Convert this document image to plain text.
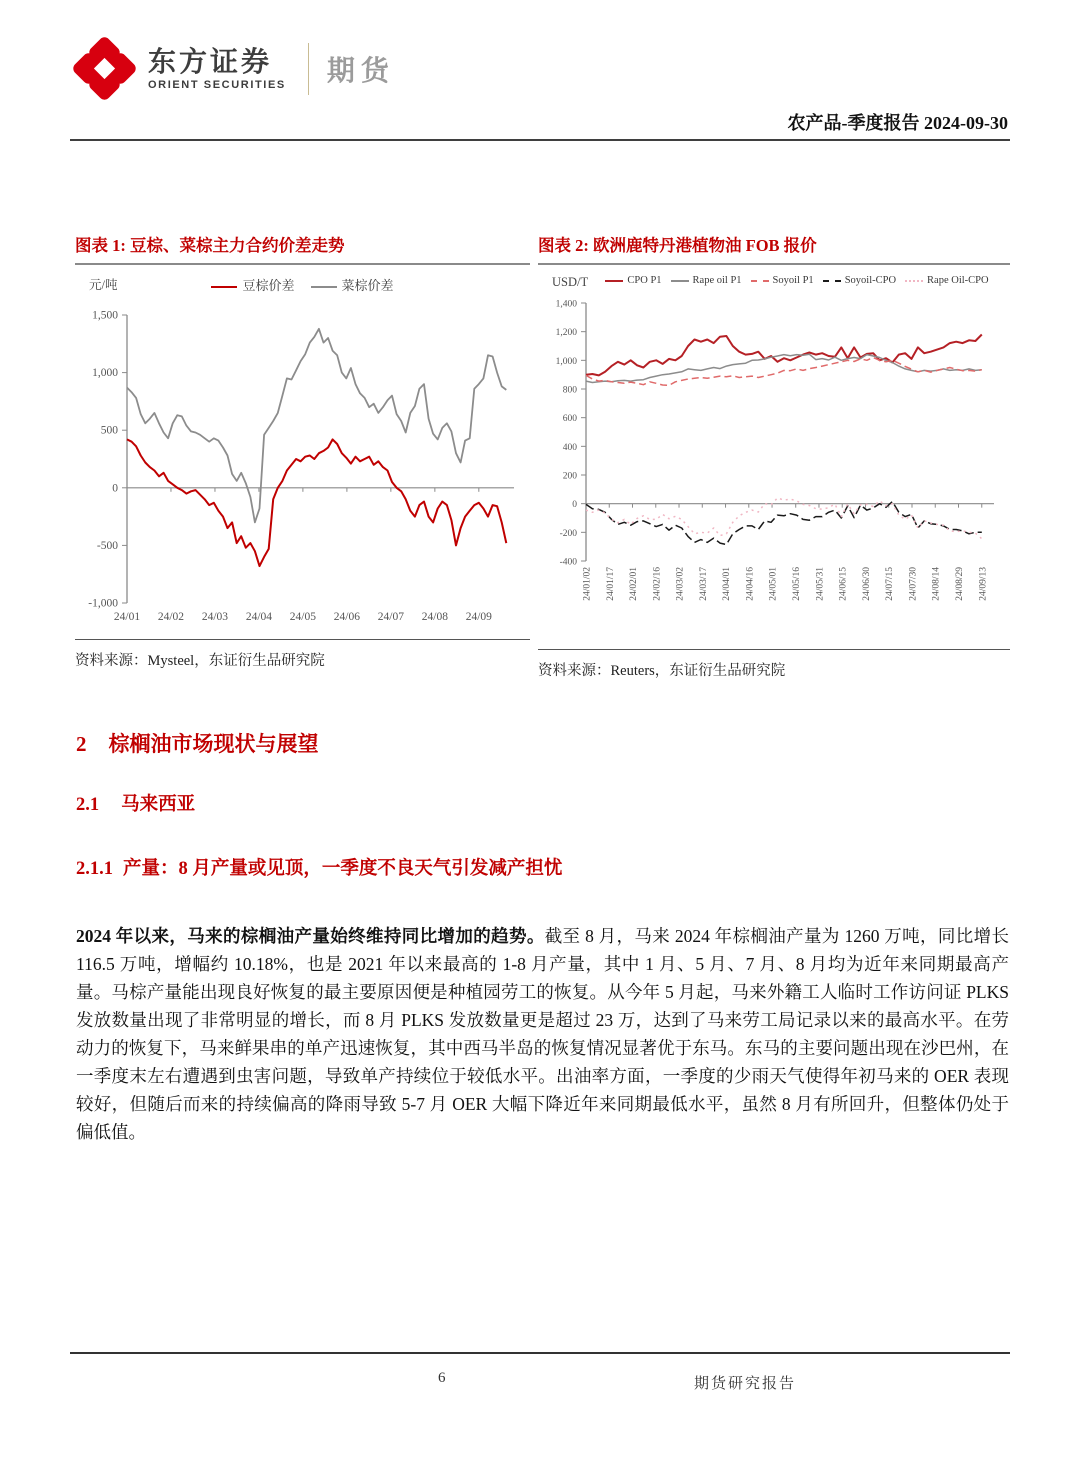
东方证券
ORIENT SECURITIES 期货
农产品-季度报告 2024-09-30
图表 1: 豆棕、菜棕主力合约价差走势
元/吨	豆棕价差	菜棕价差
1,500
1,000
500
0
-500
-1,000
24/01 24/02 24/03 24/04 24/05 24/06 24/07 24/08 24/09
资料来源：Mysteel，东证衍生品研究院
图表 2: 欧洲鹿特丹港植物油 FOB 报价
USD/T	CPO P1	Rape oil P1	Soyoil P1	Soyoil-CPO	Rape Oil-CPO
1,400
1,200
1,000
800
600
400
200
0
-200
-400
24/01/02 24/01/17 24/02/01 24/02/16 24/03/02 24/03/17 24/04/01 24/04/16 24/05/01 24/05/16 24/05/31 24/06/15 24/06/30 24/07/15 24/07/30 24/08/14 24/08/29 24/09/13
资料来源：Reuters，东证衍生品研究院
2 棕榈油市场现状与展望
2.1 马来西亚
2.1.1 产量：8 月产量或见顶，一季度不良天气引发减产担忧
2024 年以来，马来的棕榈油产量始终维持同比增加的趋势。截至 8 月，马来 2024 年棕榈油产量为 1260 万吨，同比增长 116.5 万吨，增幅约 10.18%，也是 2021 年以来最高的 1-8 月产量，其中 1 月、5 月、7 月、8 月均为近年来同期最高产量。马棕产量能出现良好恢复的最主要原因便是种植园劳工的恢复。从今年 5 月起，马来外籍工人临时工作访问证 PLKS 发放数量出现了非常明显的增长，而 8 月 PLKS 发放数量更是超过 23 万，达到了马来劳工局记录以来的最高水平。在劳动力的恢复下，马来鲜果串的单产迅速恢复，其中西马半岛的恢复情况显著优于东马。东马的主要问题出现在沙巴州，在一季度末左右遭遇到虫害问题，导致单产持续位于较低水平。出油率方面，一季度的少雨天气使得年初马来的 OER 表现较好，但随后而来的持续偏高的降雨导致 5-7 月 OER 大幅下降近年来同期最低水平，虽然 8 月有所回升，但整体仍处于偏低值。
6	期货研究报告
